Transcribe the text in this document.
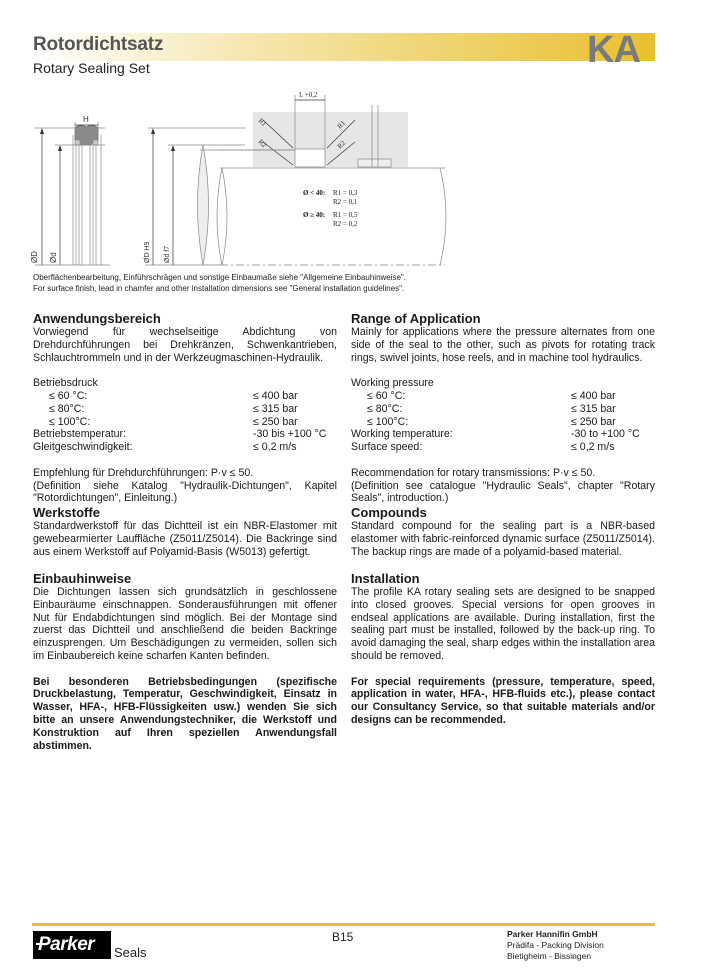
Rotordichtsatz
Rotary Sealing Set	KA
H
ØD Ød
L +0,2
R1
R2
R1
R2
Ø < 40: R1 = 0,3
R2 = 0,1
Ø ≥ 40: R1 = 0,5
R2 = 0,2
ØD H9 Ød f7
Oberflächenbearbeitung, Einführschrägen und sonstige Einbaumaße siehe "Allgemeine Einbauhinweise".
For surface finish, lead in chamfer and other installation dimensions see "General installation guidelines".
Anwendungsbereich
Vorwiegend für wechselseitige Abdichtung von Drehdurchführungen bei Drehkränzen, Schwenkantrieben, Schlauchtrommeln und in der Werkzeugmaschinen-Hydraulik.
Betriebsdruck
≤ 60 °C:	≤ 400 bar
≤ 80°C:	≤ 315 bar
≤ 100°C:	≤ 250 bar
Betriebstemperatur:	-30 bis +100 °C
Gleitgeschwindigkeit:	≤ 0,2 m/s
Empfehlung für Drehdurchführungen: P·v ≤ 50.
(Definition siehe Katalog "Hydraulik-Dichtungen", Kapitel "Rotordichtungen", Einleitung.)
Werkstoffe
Standardwerkstoff für das Dichtteil ist ein NBR-Elastomer mit gewebearmierter Lauffläche (Z5011/Z5014). Die Backringe sind aus einem Werkstoff auf Polyamid-Basis (W5013) gefertigt.
Einbauhinweise
Die Dichtungen lassen sich grundsätzlich in geschlossene Einbauräume einschnappen. Sonderausführungen mit offener Nut für Endabdichtungen sind möglich. Bei der Montage sind zuerst das Dichtteil und anschließend die beiden Backringe einzusprengen. Um Beschädigungen zu vermeiden, sollen sich im Einbaubereich keine scharfen Kanten befinden.
Bei besonderen Betriebsbedingungen (spezifische Druckbelastung, Temperatur, Geschwindigkeit, Einsatz in Wasser, HFA-, HFB-Flüssigkeiten usw.) wenden Sie sich bitte an unsere Anwendungstechniker, die Werkstoff und Konstruktion auf Ihren speziellen Anwendungsfall abstimmen.
Range of Application
Mainly for applications where the pressure alternates from one side of the seal to the other, such as pivots for rotating track rings, swivel joints, hose reels, and in machine tool hydraulics.
Working pressure
≤ 60 °C:	≤ 400 bar
≤ 80°C:	≤ 315 bar
≤ 100°C:	≤ 250 bar
Working temperature:	-30 to +100 °C
Surface speed:	≤ 0,2 m/s
Recommendation for rotary transmissions: P·v ≤ 50.
(Definition see catalogue "Hydraulic Seals", chapter "Rotary Seals", introduction.)
Compounds
Standard compound for the sealing part is a NBR-based elastomer with fabric-reinforced dynamic surface (Z5011/Z5014). The backup rings are made of a polyamid-based material.
Installation
The profile KA rotary sealing sets are designed to be snapped into closed grooves. Special versions for open grooves in endseal applications are available. During installation, first the sealing part must be installed, followed by the back-up ring. To avoid damaging the seal, sharp edges within the installation area should be removed.
For special requirements (pressure, temperature, speed, application in water, HFA-, HFB-fluids etc.), please contact our Consultancy Service, so that suitable materials and/or designs can be recommended.
Parker Seals
B15	Parker Hannifin GmbH
Prädifa - Packing Division
Bietigheim - Bissingen
